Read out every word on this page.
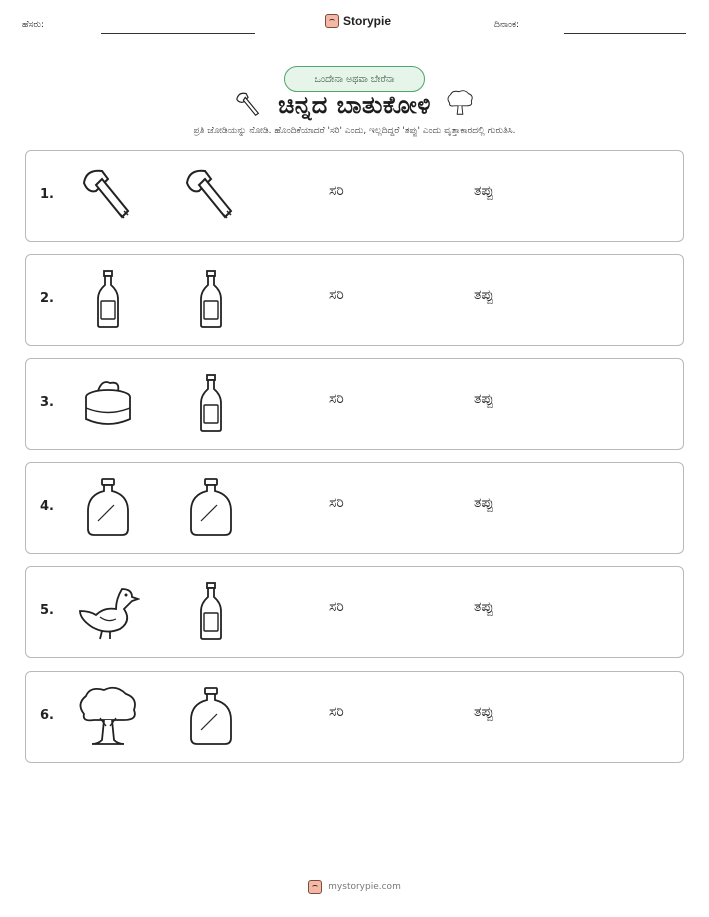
ಹೆಸರು:	Storypie	ದಿನಾಂಕ:
ಒಂದೇನಾ ಅಥವಾ ಬೇರೆನಾ
ಚಿನ್ನದ ಬಾತುಕೋಳಿ
ಪ್ರತಿ ಜೋಡಿಯನ್ನು ನೋಡಿ. ಹೊಂದಿಕೆಯಾದರೆ 'ಸರಿ' ಎಂದು, ಇಲ್ಲದಿದ್ದರೆ 'ತಪ್ಪು' ಎಂದು ವೃತ್ತಾಕಾರದಲ್ಲಿ ಗುರುತಿಸಿ.
1.	ಸರಿ	ತಪ್ಪು
2.	ಸರಿ	ತಪ್ಪು
3.	ಸರಿ	ತಪ್ಪು
4.	ಸರಿ	ತಪ್ಪು
5.	ಸರಿ	ತಪ್ಪು
6.	ಸರಿ	ತಪ್ಪು
mystorypie.com
